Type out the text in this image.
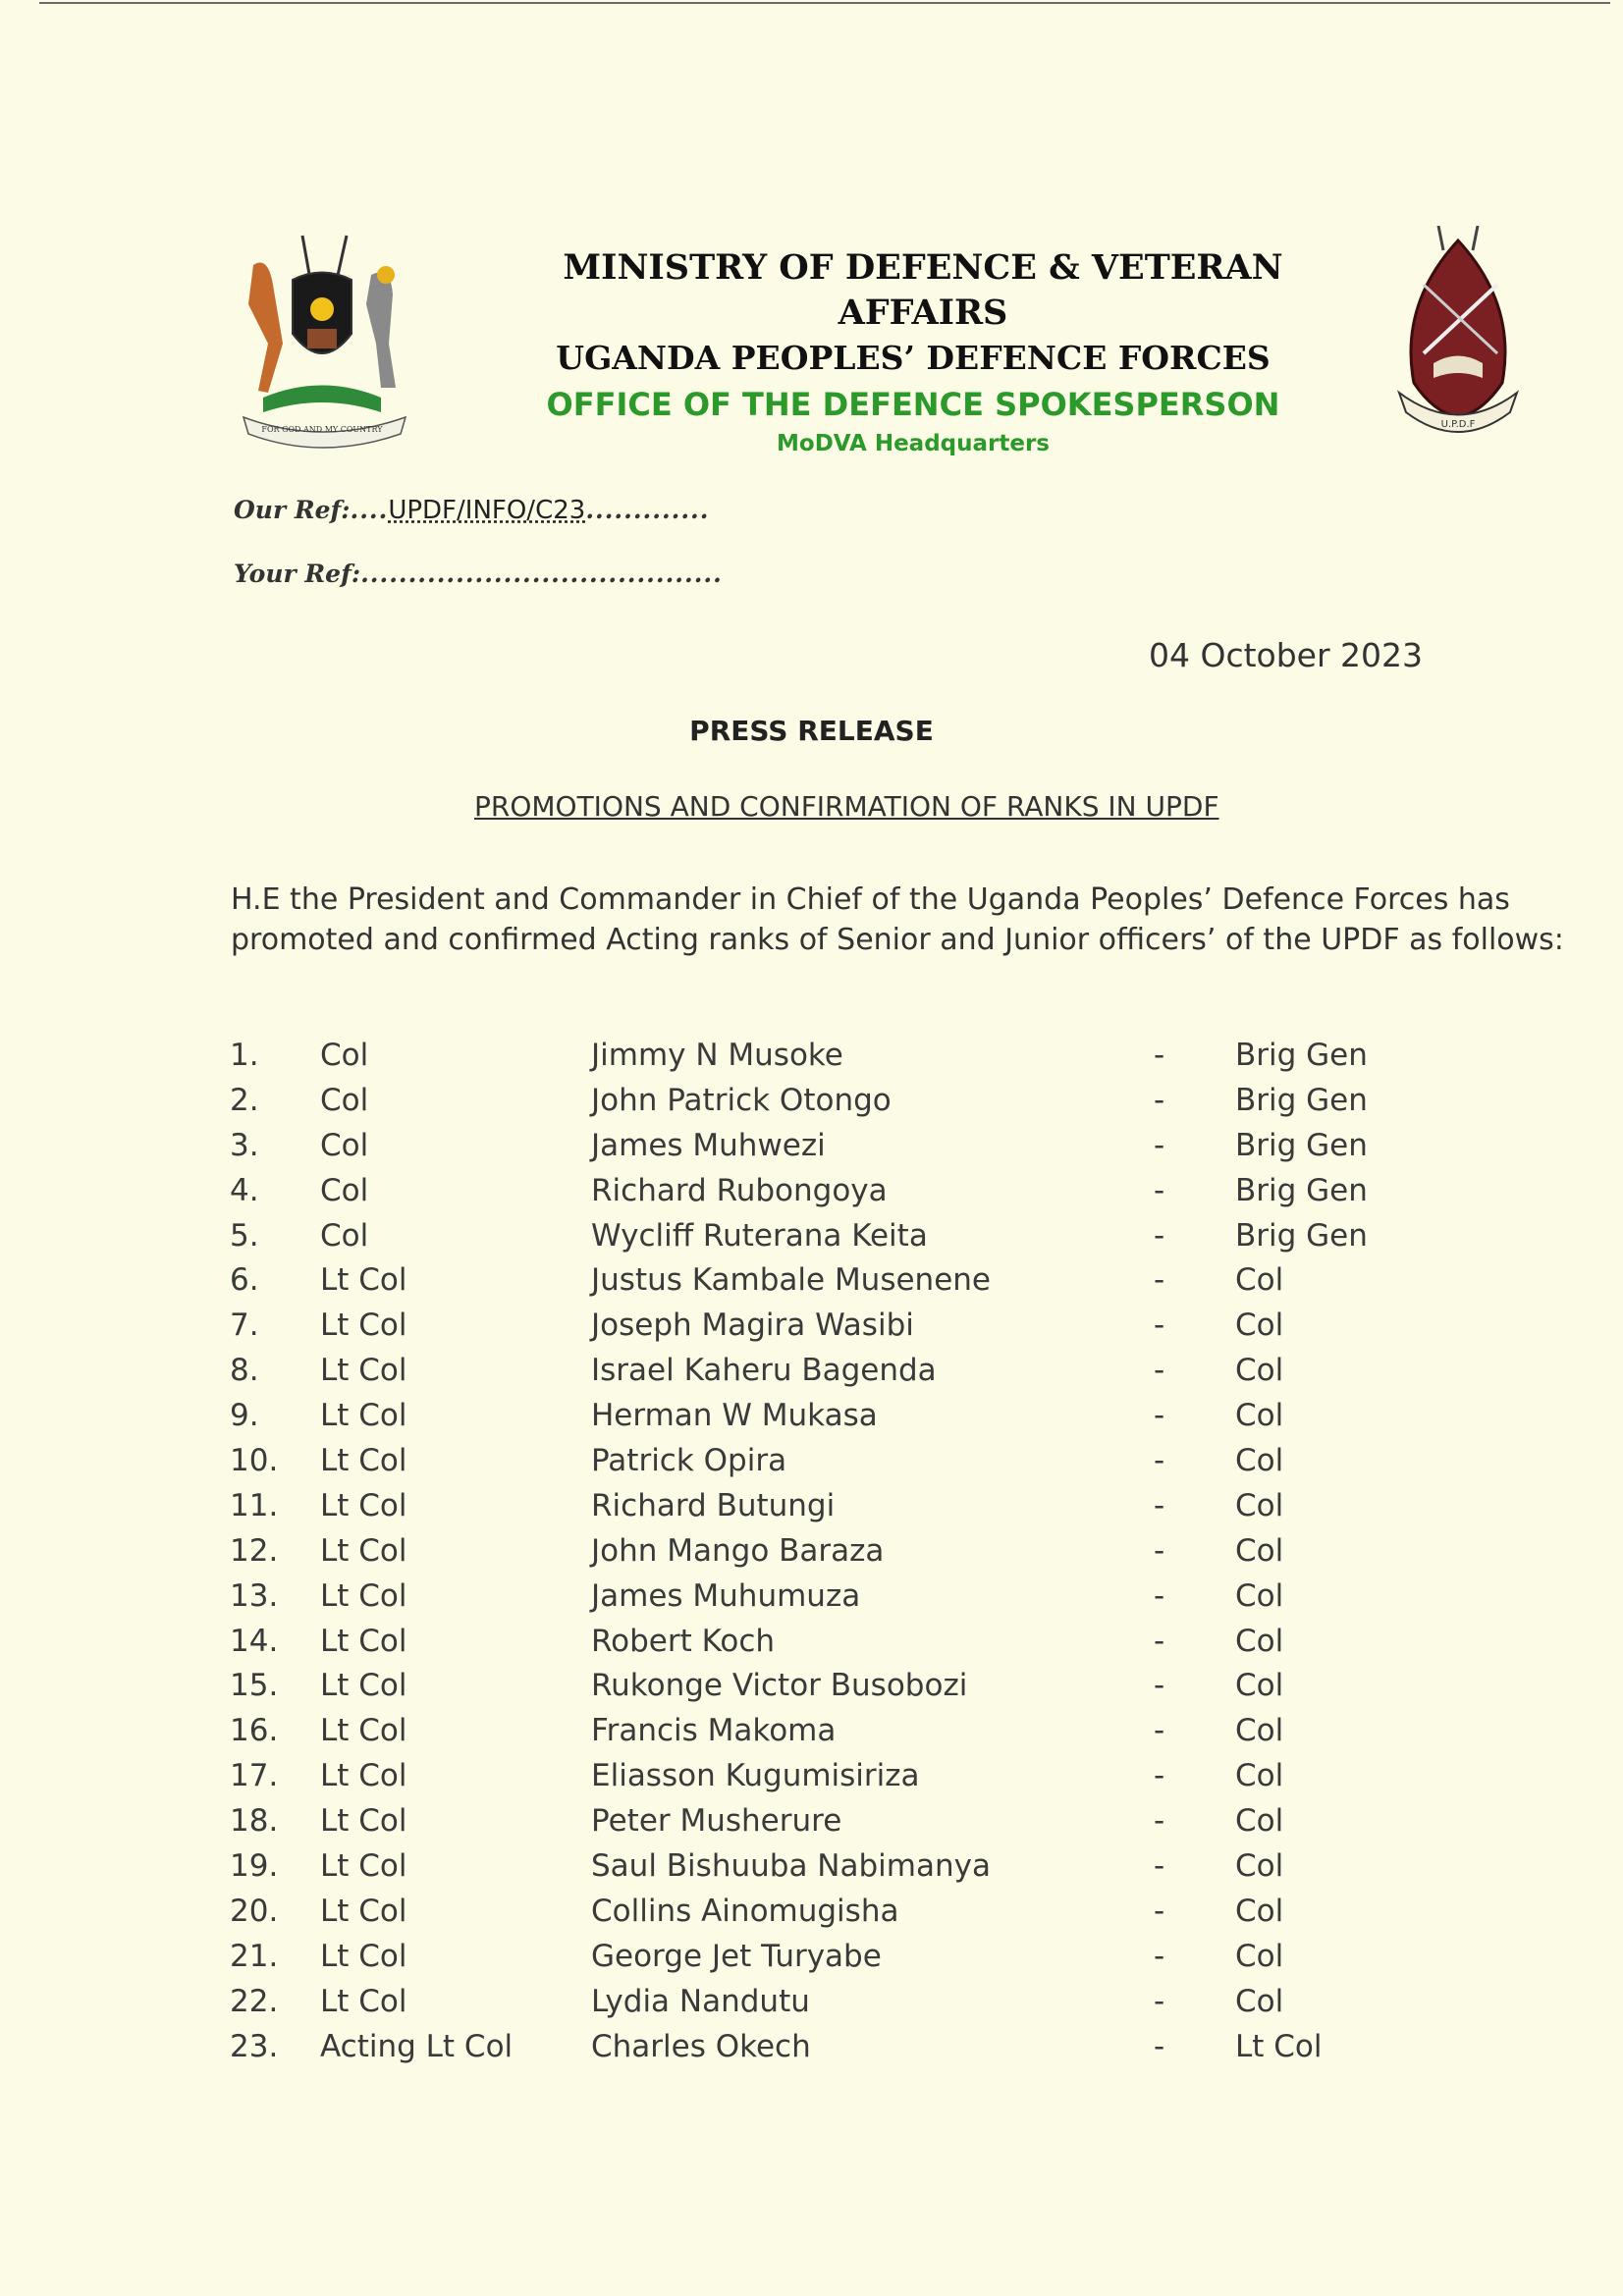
FOR GOD AND MY COUNTRY
MINISTRY OF DEFENCE & VETERAN AFFAIRS
UGANDA PEOPLES’ DEFENCE FORCES
OFFICE OF THE DEFENCE SPOKESPERSON
MoDVA Headquarters
U.P.D.F
Our Ref:....UPDF/INFO/C23.............
Your Ref:......................................
04 October 2023
PRESS RELEASE
PROMOTIONS AND CONFIRMATION OF RANKS IN UPDF
H.E the President and Commander in Chief of the Uganda Peoples’ Defence Forces has promoted and confirmed Acting ranks of Senior and Junior officers’ of the UPDF as follows:
1. Col	Jimmy N Musoke	- Brig Gen
2. Col	John Patrick Otongo	- Brig Gen
3. Col	James Muhwezi	- Brig Gen
4. Col	Richard Rubongoya	- Brig Gen
5. Col	Wycliff Ruterana Keita	- Brig Gen
6. Lt Col	Justus Kambale Musenene	- Col
7. Lt Col	Joseph Magira Wasibi	- Col
8. Lt Col	Israel Kaheru Bagenda	- Col
9. Lt Col	Herman W Mukasa	- Col
10. Lt Col	Patrick Opira	- Col
11. Lt Col	Richard Butungi	- Col
12. Lt Col	John Mango Baraza	- Col
13. Lt Col	James Muhumuza	- Col
14. Lt Col	Robert Koch	- Col
15. Lt Col	Rukonge Victor Busobozi	- Col
16. Lt Col	Francis Makoma	- Col
17. Lt Col	Eliasson Kugumisiriza	- Col
18. Lt Col	Peter Musherure	- Col
19. Lt Col	Saul Bishuuba Nabimanya	- Col
20. Lt Col	Collins Ainomugisha	- Col
21. Lt Col	George Jet Turyabe	- Col
22. Lt Col	Lydia Nandutu	- Col
23. Acting Lt Col	Charles Okech	- Lt Col
